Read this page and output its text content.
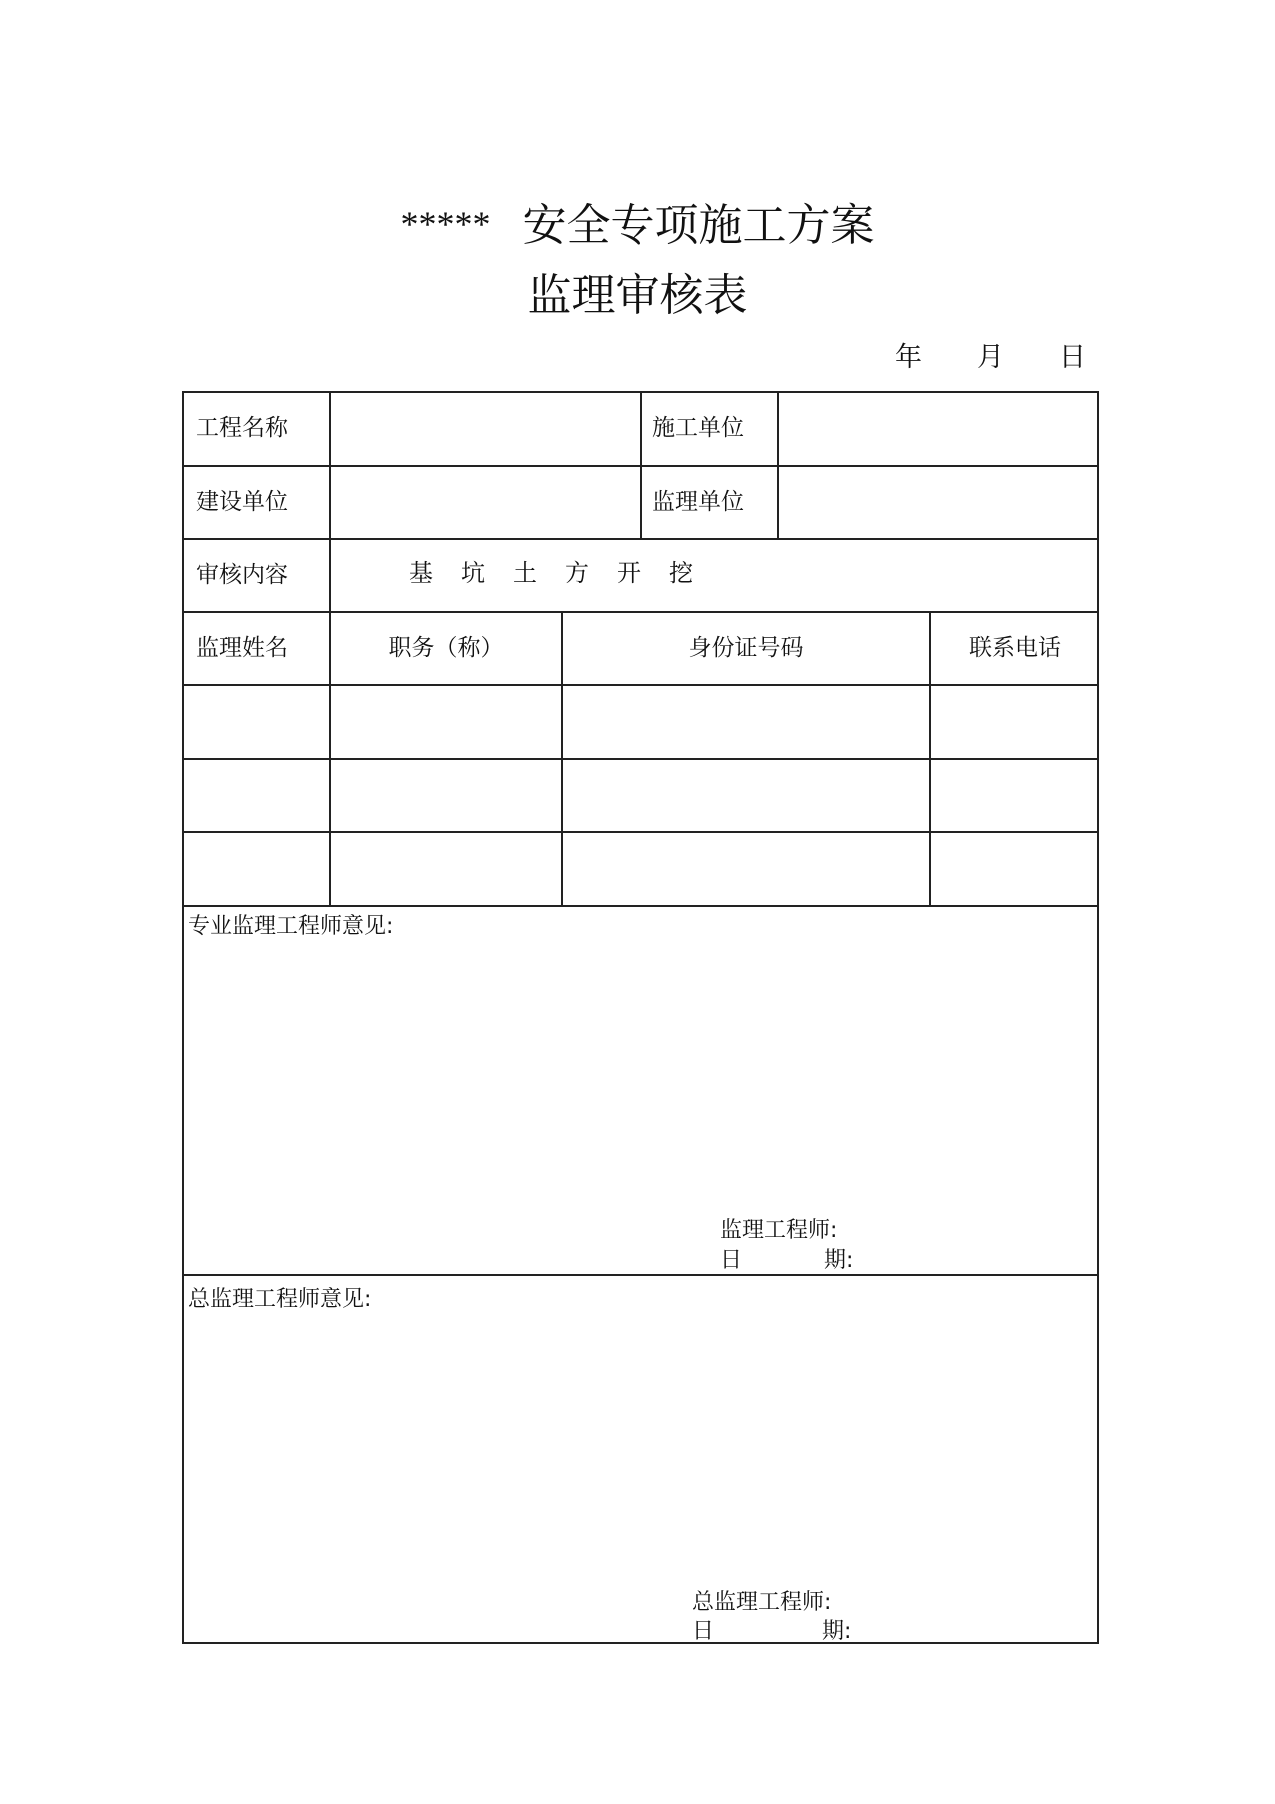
***** 安全专项施工方案
监理审核表
年 月 日
工程名称	施工单位
建设单位	监理单位
审核内容	基坑土方开挖
监理姓名	职务（称）	身份证号码	联系电话
专业监理工程师意见:
监理工程师:
日	期:
总监理工程师意见:
总监理工程师:
日	期:
